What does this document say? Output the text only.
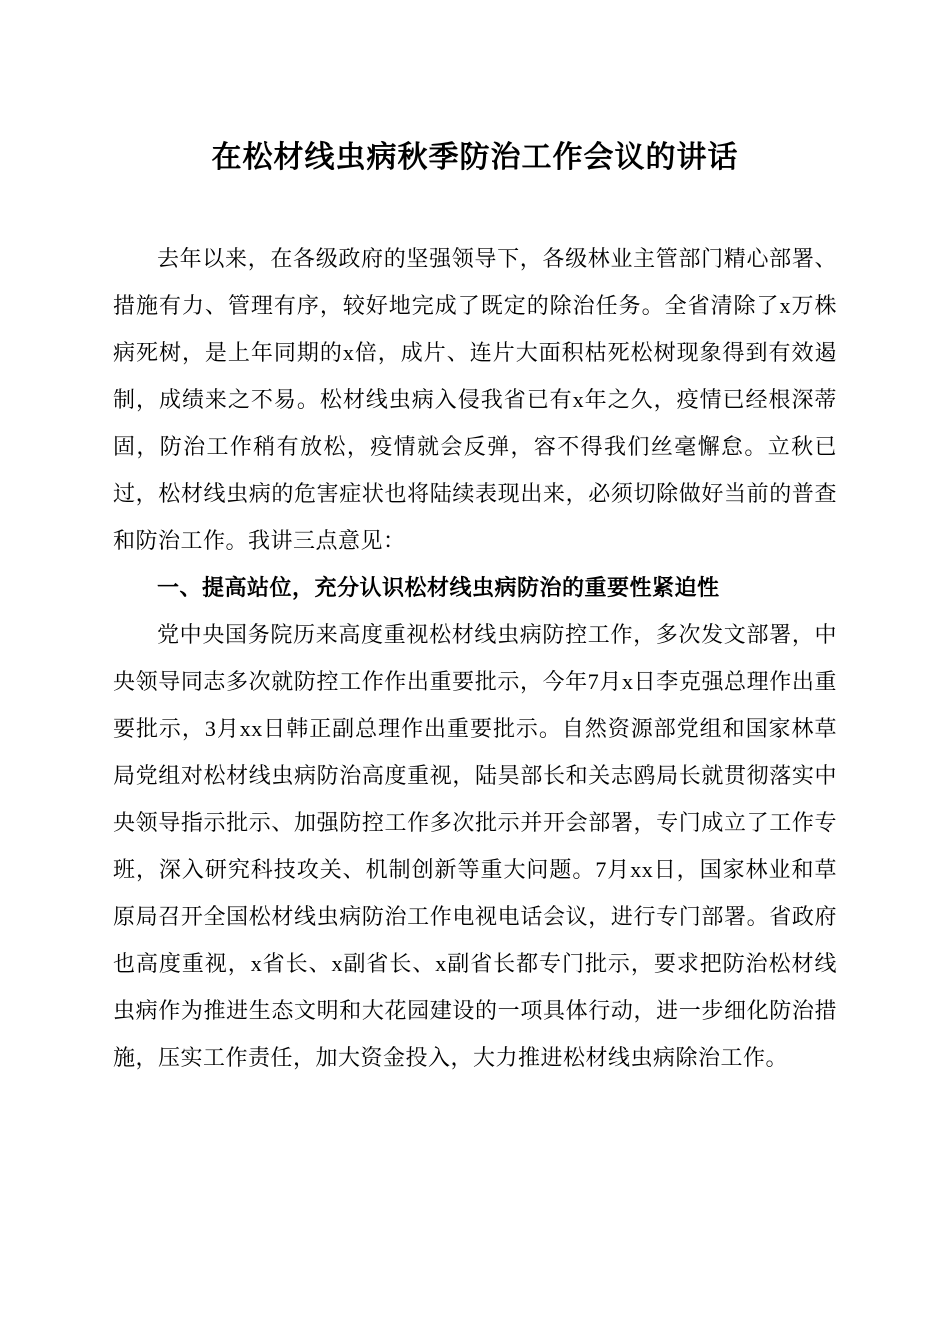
在松材线虫病秋季防治工作会议的讲话

去年以来，在各级政府的坚强领导下，各级林业主管部门精心部署、措施有力、管理有序，较好地完成了既定的除治任务。全省清除了x万株病死树，是上年同期的x倍，成片、连片大面积枯死松树现象得到有效遏制，成绩来之不易。松材线虫病入侵我省已有x年之久，疫情已经根深蒂固，防治工作稍有放松，疫情就会反弹，容不得我们丝毫懈怠。立秋已过，松材线虫病的危害症状也将陆续表现出来，必须切除做好当前的普查和防治工作。我讲三点意见：

一、提高站位，充分认识松材线虫病防治的重要性紧迫性

党中央国务院历来高度重视松材线虫病防控工作，多次发文部署，中央领导同志多次就防控工作作出重要批示，今年7月x日李克强总理作出重要批示，3月xx日韩正副总理作出重要批示。自然资源部党组和国家林草局党组对松材线虫病防治高度重视，陆昊部长和关志鸥局长就贯彻落实中央领导指示批示、加强防控工作多次批示并开会部署，专门成立了工作专班，深入研究科技攻关、机制创新等重大问题。7月xx日，国家林业和草原局召开全国松材线虫病防治工作电视电话会议，进行专门部署。省政府也高度重视，x省长、x副省长、x副省长都专门批示，要求把防治松材线虫病作为推进生态文明和大花园建设的一项具体行动，进一步细化防治措施，压实工作责任，加大资金投入，大力推进松材线虫病除治工作。
